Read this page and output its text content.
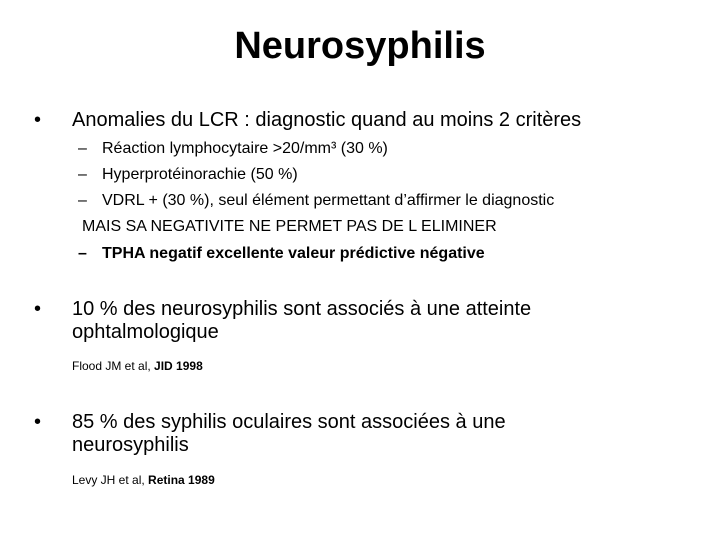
Neurosyphilis
•	Anomalies du LCR : diagnostic quand au moins 2 critères
– Réaction lymphocytaire >20/mm³ (30 %)
– Hyperprotéinorachie (50 %)
– VDRL + (30 %), seul élément permettant d’affirmer le diagnostic
MAIS SA NEGATIVITE NE PERMET PAS DE L ELIMINER
– TPHA negatif excellente valeur prédictive négative
•	10 % des neurosyphilis sont associés à une atteinte
ophtalmologique
Flood JM et al, JID 1998
•	85 % des syphilis oculaires sont associées à une
neurosyphilis
Levy JH et al, Retina 1989
